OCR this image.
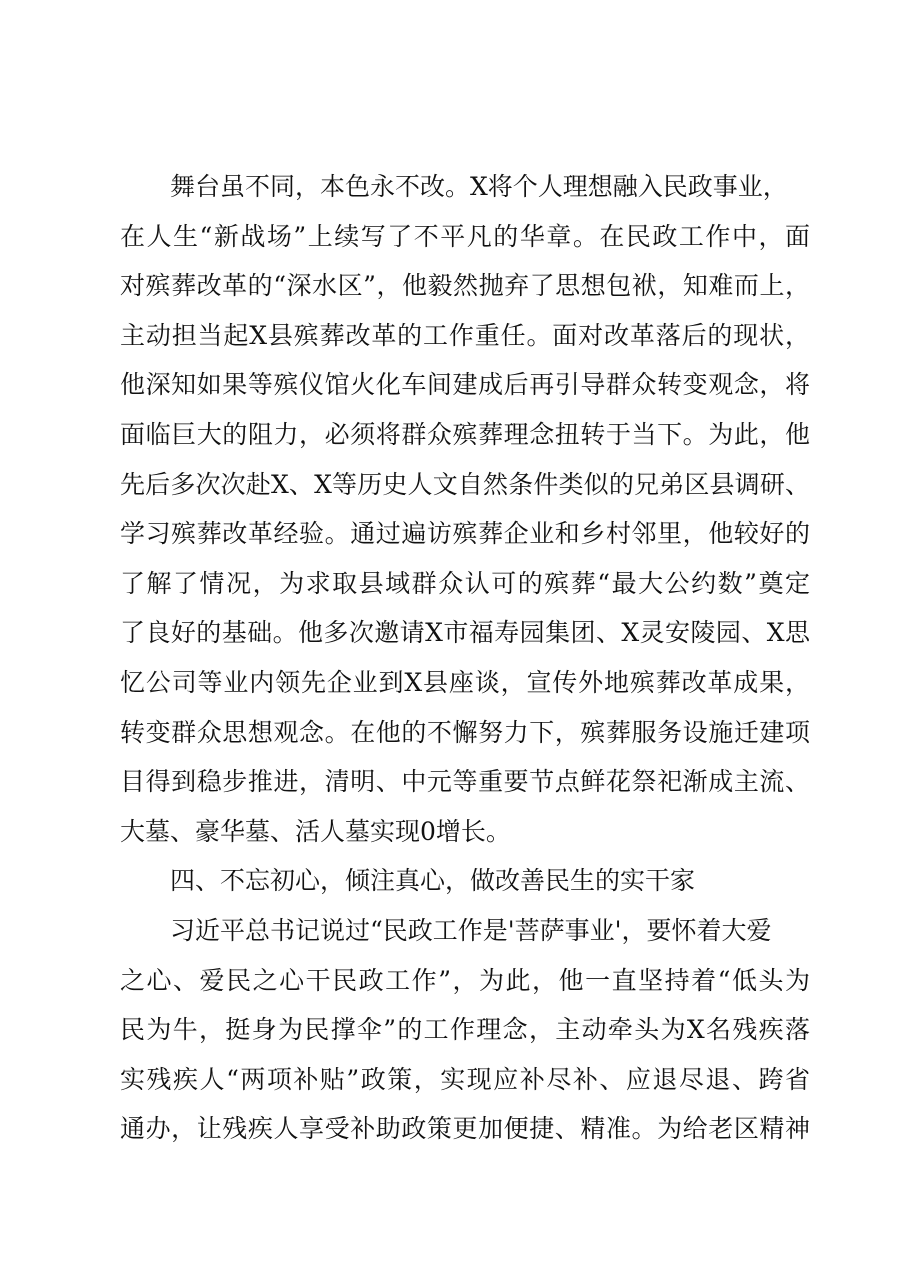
舞台虽不同，本色永不改。X将个人理想融入民政事业，
在人生“新战场”上续写了不平凡的华章。在民政工作中，面
对殡葬改革的“深水区”，他毅然抛弃了思想包袱，知难而上，
主动担当起X县殡葬改革的工作重任。面对改革落后的现状，
他深知如果等殡仪馆火化车间建成后再引导群众转变观念，将
面临巨大的阻力，必须将群众殡葬理念扭转于当下。为此，他
先后多次次赴X、X等历史人文自然条件类似的兄弟区县调研、
学习殡葬改革经验。通过遍访殡葬企业和乡村邻里，他较好的
了解了情况，为求取县域群众认可的殡葬“最大公约数”奠定
了良好的基础。他多次邀请X市福寿园集团、X灵安陵园、X思
忆公司等业内领先企业到X县座谈，宣传外地殡葬改革成果，
转变群众思想观念。在他的不懈努力下，殡葬服务设施迁建项
目得到稳步推进，清明、中元等重要节点鲜花祭祀渐成主流、
大墓、豪华墓、活人墓实现0增长。
四、不忘初心，倾注真心，做改善民生的实干家
习近平总书记说过“民政工作是'菩萨事业'，要怀着大爱
之心、爱民之心干民政工作”，为此，他一直坚持着“低头为
民为牛，挺身为民撑伞”的工作理念，主动牵头为X名残疾落
实残疾人“两项补贴”政策，实现应补尽补、应退尽退、跨省
通办，让残疾人享受补助政策更加便捷、精准。为给老区精神
